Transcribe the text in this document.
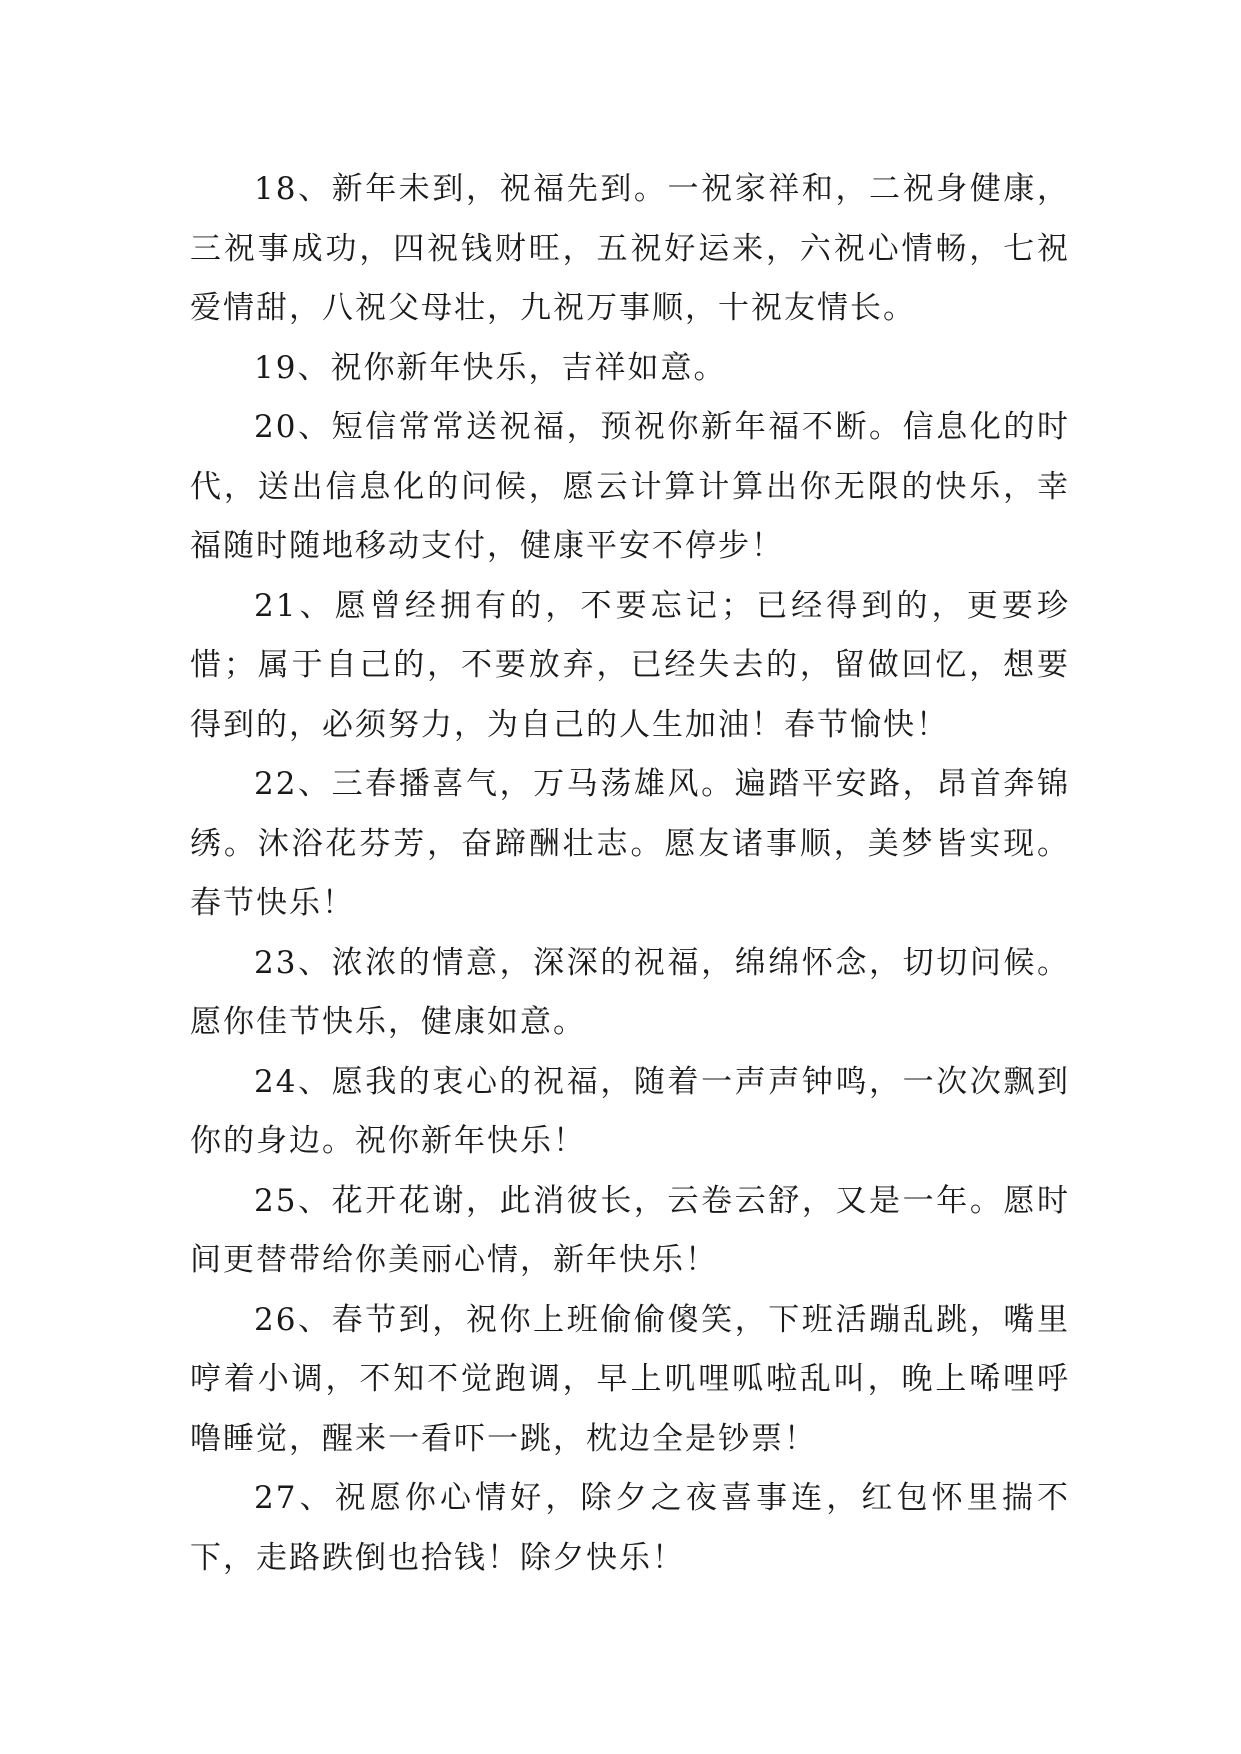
18、新年未到，祝福先到。一祝家祥和，二祝身健康，三祝事成功，四祝钱财旺，五祝好运来，六祝心情畅，七祝爱情甜，八祝父母壮，九祝万事顺，十祝友情长。

19、祝你新年快乐，吉祥如意。

20、短信常常送祝福，预祝你新年福不断。信息化的时代，送出信息化的问候，愿云计算计算出你无限的快乐，幸福随时随地移动支付，健康平安不停步！

21、愿曾经拥有的，不要忘记；已经得到的，更要珍惜；属于自己的，不要放弃，已经失去的，留做回忆，想要得到的，必须努力，为自己的人生加油！春节愉快！

22、三春播喜气，万马荡雄风。遍踏平安路，昂首奔锦绣。沐浴花芬芳，奋蹄酬壮志。愿友诸事顺，美梦皆实现。春节快乐！

23、浓浓的情意，深深的祝福，绵绵怀念，切切问候。愿你佳节快乐，健康如意。

24、愿我的衷心的祝福，随着一声声钟鸣，一次次飘到你的身边。祝你新年快乐！

25、花开花谢，此消彼长，云卷云舒，又是一年。愿时间更替带给你美丽心情，新年快乐！

26、春节到，祝你上班偷偷傻笑，下班活蹦乱跳，嘴里哼着小调，不知不觉跑调，早上叽哩呱啦乱叫，晚上唏哩呼噜睡觉，醒来一看吓一跳，枕边全是钞票！

27、祝愿你心情好，除夕之夜喜事连，红包怀里揣不下，走路跌倒也拾钱！除夕快乐！
